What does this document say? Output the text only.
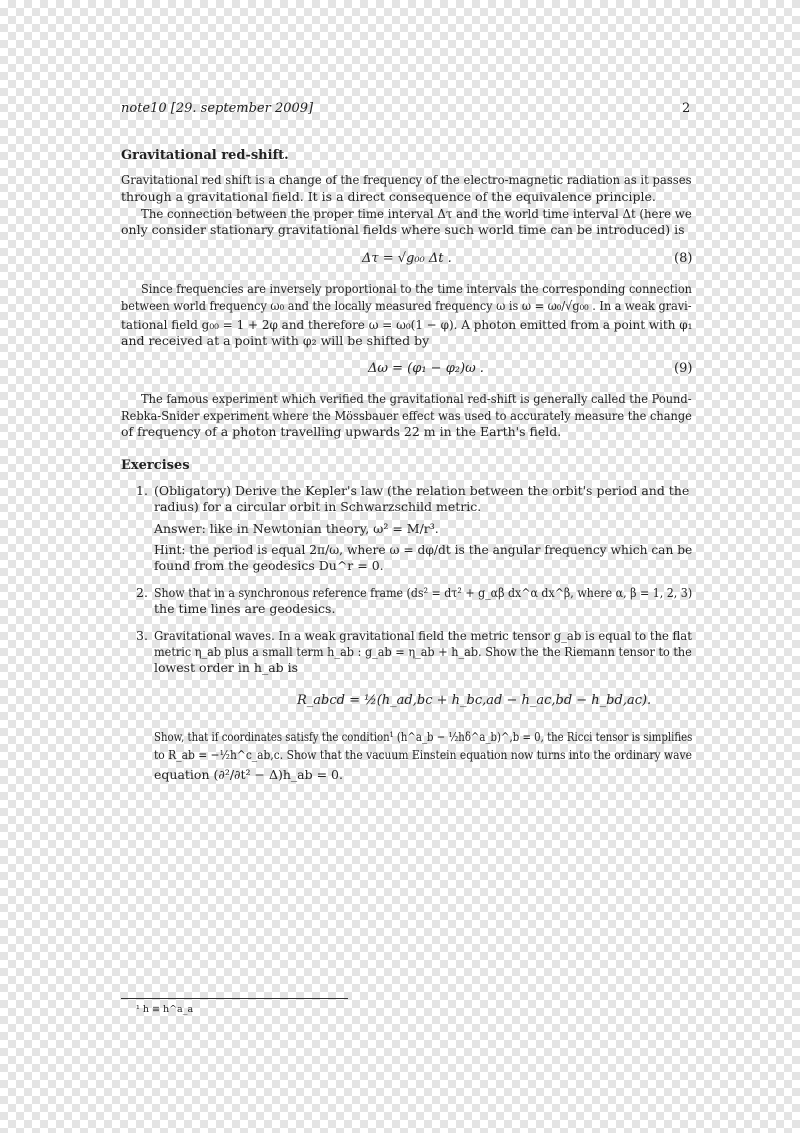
note10 [29. september 2009]	2
Gravitational red-shift.
Gravitational red shift is a change of the frequency of the electro-magnetic radiation as it passes
through a gravitational field. It is a direct consequence of the equivalence principle.
The connection between the proper time interval Δτ and the world time interval Δt (here we
only consider stationary gravitational fields where such world time can be introduced) is
Δτ = √g₀₀ Δt .	(8)
Since frequencies are inversely proportional to the time intervals the corresponding connection
between world frequency ω₀ and the locally measured frequency ω is ω = ω₀/√g₀₀ . In a weak gravi-
tational field g₀₀ = 1 + 2φ and therefore ω = ω₀(1 − φ). A photon emitted from a point with φ₁
and received at a point with φ₂ will be shifted by
Δω = (φ₁ − φ₂)ω .	(9)
The famous experiment which verified the gravitational red-shift is generally called the Pound-
Rebka-Snider experiment where the Mössbauer effect was used to accurately measure the change
of frequency of a photon travelling upwards 22 m in the Earth's field.
Exercises
1. (Obligatory) Derive the Kepler's law (the relation between the orbit's period and the
radius) for a circular orbit in Schwarzschild metric.
Answer: like in Newtonian theory, ω² = M/r³.
Hint: the period is equal 2π/ω, where ω = dφ/dt is the angular frequency which can be
found from the geodesics Du^r = 0.
2. Show that in a synchronous reference frame (ds² = dτ² + g_αβ dx^α dx^β, where α, β = 1, 2, 3)
the time lines are geodesics.
3. Gravitational waves. In a weak gravitational field the metric tensor g_ab is equal to the flat
metric η_ab plus a small term h_ab : g_ab = η_ab + h_ab. Show the the Riemann tensor to the
lowest order in h_ab is
R_abcd = ½(h_ad,bc + h_bc,ad − h_ac,bd − h_bd,ac).
Show, that if coordinates satisfy the condition¹ (h^a_b − ½hδ^a_b)^,b = 0, the Ricci tensor is simplifies
to R_ab = −½h^c_ab,c. Show that the vacuum Einstein equation now turns into the ordinary wave
equation (∂²/∂t² − Δ)h_ab = 0.
¹ h ≡ h^a_a
